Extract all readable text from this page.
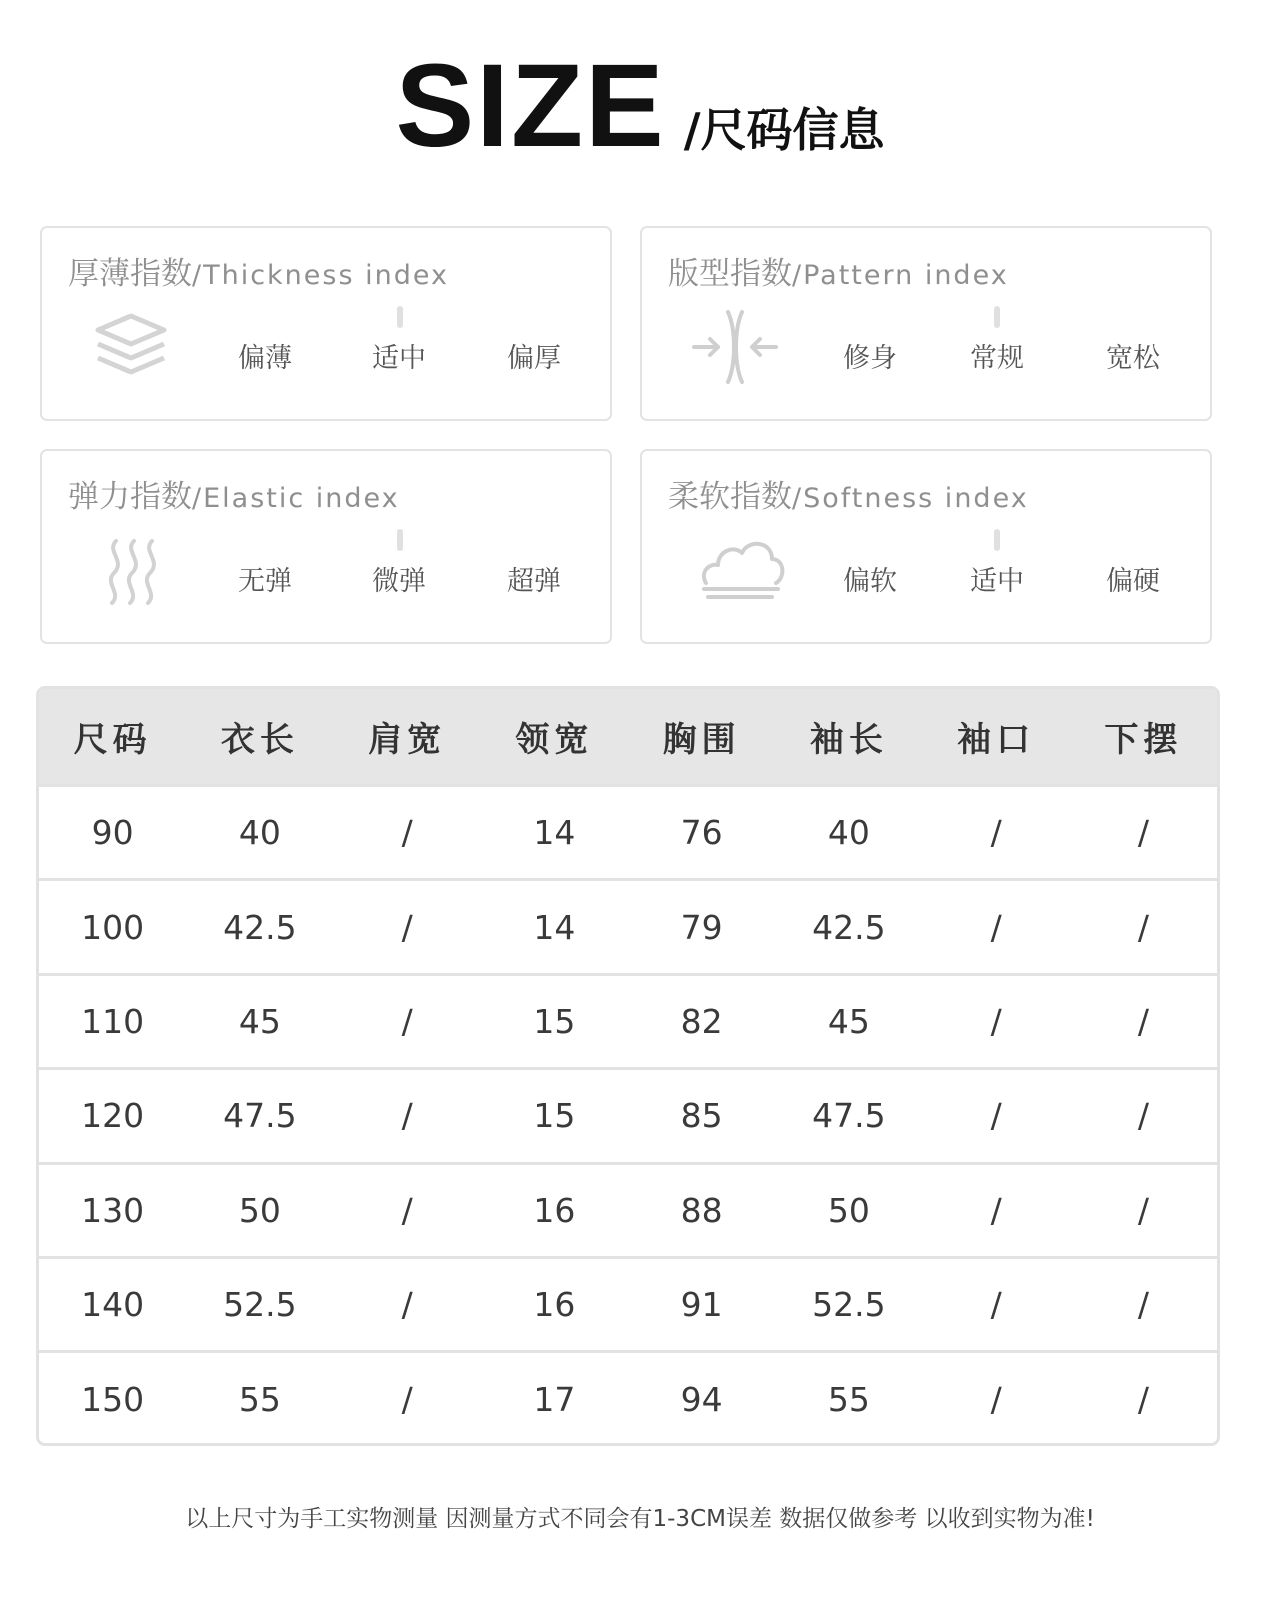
SIZE /尺码信息
厚薄指数/Thickness index
偏薄	适中	偏厚
版型指数/Pattern index
修身	常规	宽松
弹力指数/Elastic index
无弹	微弹	超弹
柔软指数/Softness index
偏软	适中	偏硬
尺码	衣长	肩宽	领宽	胸围	袖长	袖口	下摆
90	40	/	14	76	40	/	/
100	42.5	/	14	79	42.5	/	/
110	45	/	15	82	45	/	/
120	47.5	/	15	85	47.5	/	/
130	50	/	16	88	50	/	/
140	52.5	/	16	91	52.5	/	/
150	55	/	17	94	55	/	/
以上尺寸为手工实物测量 因测量方式不同会有1-3CM误差 数据仅做参考 以收到实物为准!
